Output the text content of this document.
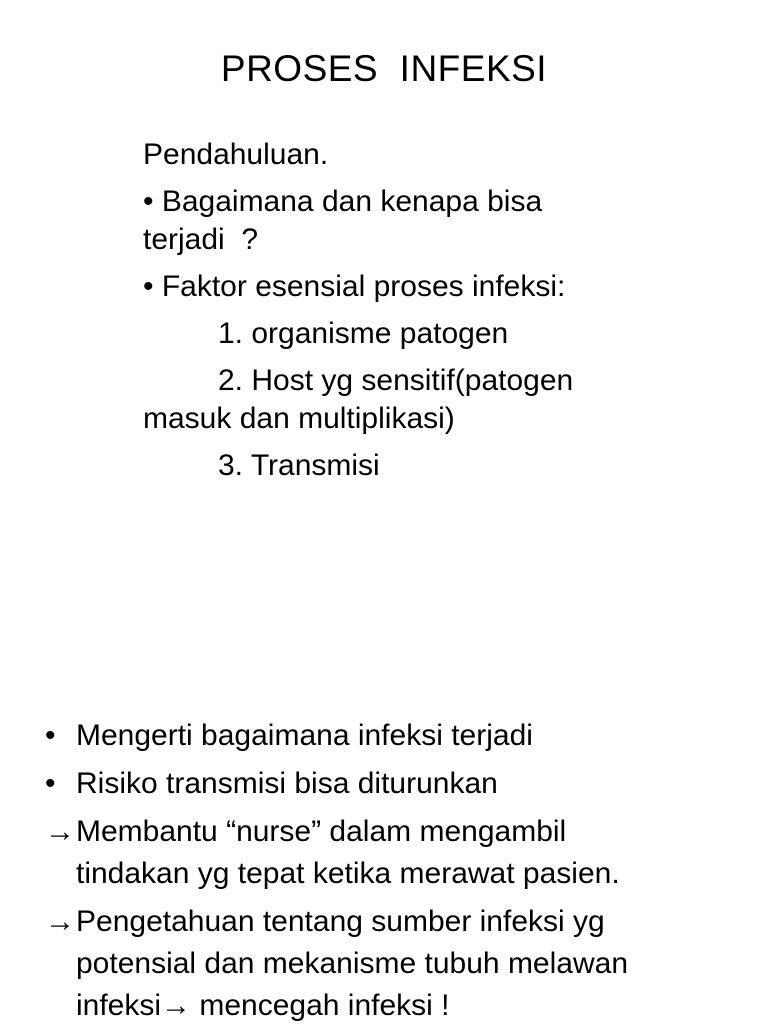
PROSES  INFEKSI
Pendahuluan.
• Bagaimana dan kenapa bisa
terjadi  ?
• Faktor esensial proses infeksi:
1. organisme patogen
2. Host yg sensitif(patogen
masuk dan multiplikasi)
3. Transmisi
• Mengerti bagaimana infeksi terjadi
• Risiko transmisi bisa diturunkan
→ Membantu “nurse” dalam mengambil
tindakan yg tepat ketika merawat pasien.
→ Pengetahuan tentang sumber infeksi yg
potensial dan mekanisme tubuh melawan
infeksi→ mencegah infeksi !
